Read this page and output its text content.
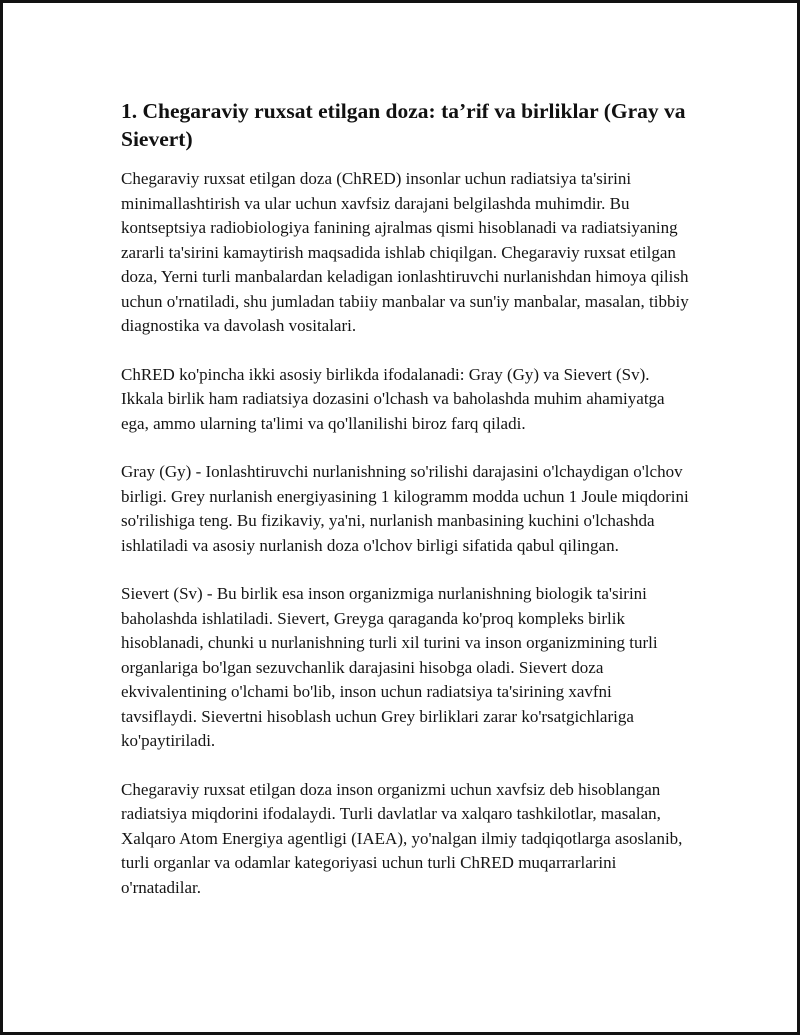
1. Chegaraviy ruxsat etilgan doza: ta’rif va birliklar (Gray va Sievert)

Chegaraviy ruxsat etilgan doza (ChRED) insonlar uchun radiatsiya ta'sirini minimallashtirish va ular uchun xavfsiz darajani belgilashda muhimdir. Bu kontseptsiya radiobiologiya fanining ajralmas qismi hisoblanadi va radiatsiyaning zararli ta'sirini kamaytirish maqsadida ishlab chiqilgan. Chegaraviy ruxsat etilgan doza, Yerni turli manbalardan keladigan ionlashtiruvchi nurlanishdan himoya qilish uchun o'rnatiladi, shu jumladan tabiiy manbalar va sun'iy manbalar, masalan, tibbiy diagnostika va davolash vositalari.

ChRED ko'pincha ikki asosiy birlikda ifodalanadi: Gray (Gy) va Sievert (Sv). Ikkala birlik ham radiatsiya dozasini o'lchash va baholashda muhim ahamiyatga ega, ammo ularning ta'limi va qo'llanilishi biroz farq qiladi.

Gray (Gy) - Ionlashtiruvchi nurlanishning so'rilishi darajasini o'lchaydigan o'lchov birligi. Grey nurlanish energiyasining 1 kilogramm modda uchun 1 Joule miqdorini so'rilishiga teng. Bu fizikaviy, ya'ni, nurlanish manbasining kuchini o'lchashda ishlatiladi va asosiy nurlanish doza o'lchov birligi sifatida qabul qilingan.

Sievert (Sv) - Bu birlik esa inson organizmiga nurlanishning biologik ta'sirini baholashda ishlatiladi. Sievert, Greyga qaraganda ko'proq kompleks birlik hisoblanadi, chunki u nurlanishning turli xil turini va inson organizmining turli organlariga bo'lgan sezuvchanlik darajasini hisobga oladi. Sievert doza ekvivalentining o'lchami bo'lib, inson uchun radiatsiya ta'sirining xavfni tavsiflaydi. Sievertni hisoblash uchun Grey birliklari zarar ko'rsatgichlariga ko'paytiriladi.

Chegaraviy ruxsat etilgan doza inson organizmi uchun xavfsiz deb hisoblangan radiatsiya miqdorini ifodalaydi. Turli davlatlar va xalqaro tashkilotlar, masalan, Xalqaro Atom Energiya agentligi (IAEA), yo'nalgan ilmiy tadqiqotlarga asoslanib, turli organlar va odamlar kategoriyasi uchun turli ChRED muqarrarlarini o'rnatadilar.
